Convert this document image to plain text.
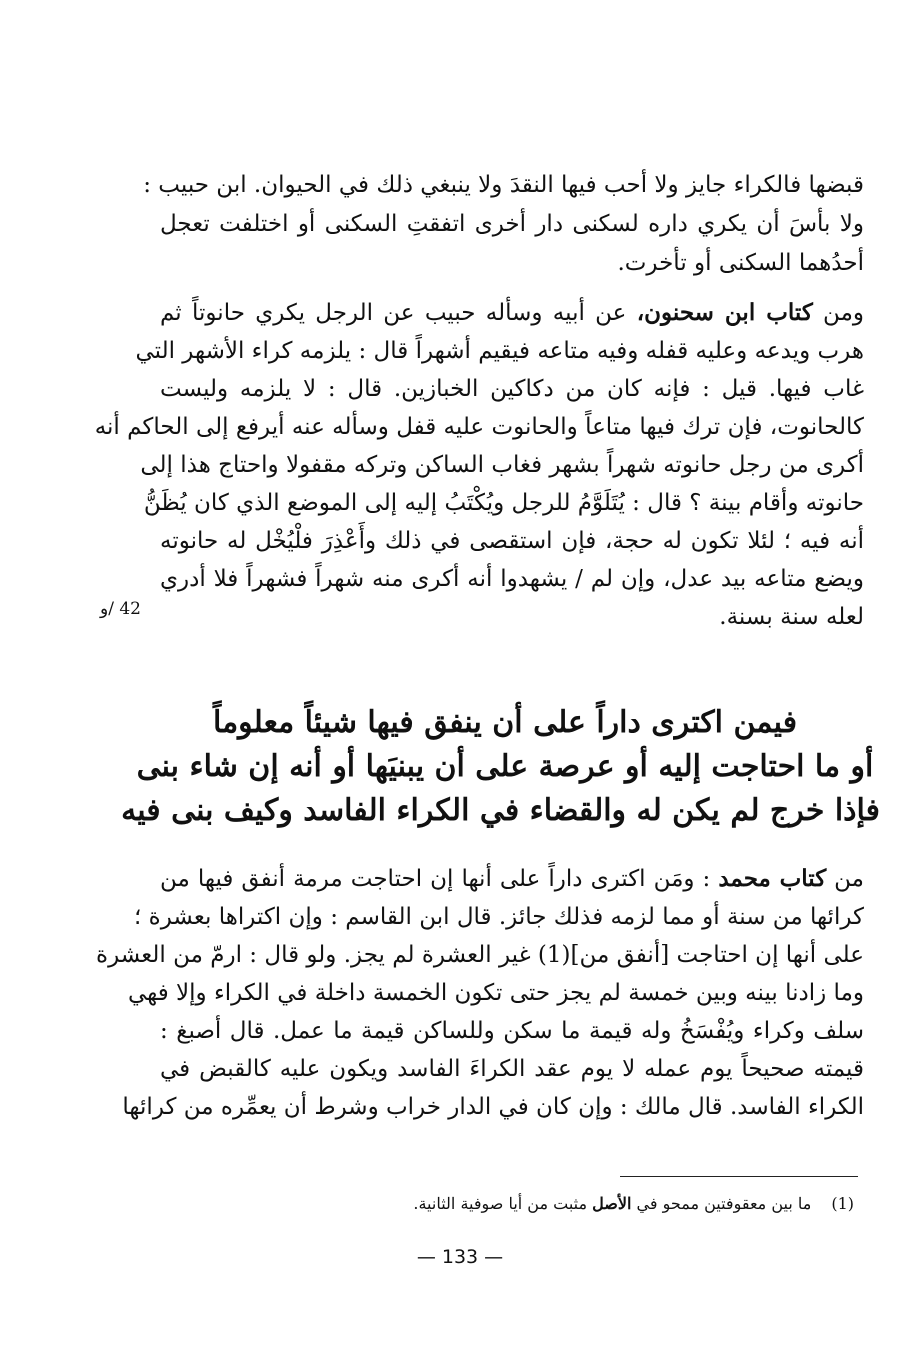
قبضها فالكراء جايز ولا أحب فيها النقدَ ولا ينبغي ذلك في الحيوان. ابن حبيب :
ولا بأسَ أن يكري داره لسكنى دار أخرى اتفقتِ السكنى أو اختلفت تعجل
أحدُهما السكنى أو تأخرت.
ومن كتاب ابن سحنون، عن أبيه وسأله حبيب عن الرجل يكري حانوتاً ثم
هرب ويدعه وعليه قفله وفيه متاعه فيقيم أشهراً قال : يلزمه كراء الأشهر التي
غاب فيها. قيل : فإنه كان من دكاكين الخبازين. قال : لا يلزمه وليست
كالحانوت، فإن ترك فيها متاعاً والحانوت عليه قفل وسأله عنه أيرفع إلى الحاكم أنه
أكرى من رجل حانوته شهراً بشهر فغاب الساكن وتركه مقفولا واحتاج هذا إلى
حانوته وأقام بينة ؟ قال : يُتَلَوَّمُ للرجل ويُكْتَبُ إليه إلى الموضع الذي كان يُظَنُّ
أنه فيه ؛ لئلا تكون له حجة، فإن استقصى في ذلك وأَعْذِرَ فلْيُخْل له حانوته
ويضع متاعه بيد عدل، وإن لم / يشهدوا أنه أكرى منه شهراً فشهراً فلا أدري
لعله سنة بسنة.
42 /و
فيمن اكترى داراً على أن ينفق فيها شيئاً معلوماً
أو ما احتاجت إليه أو عرصة على أن يبنيَها أو أنه إن شاء بنى
فإذا خرج لم يكن له والقضاء في الكراء الفاسد وكيف بنى فيه
من كتاب محمد : ومَن اكترى داراً على أنها إن احتاجت مرمة أنفق فيها من
كرائها من سنة أو مما لزمه فذلك جائز. قال ابن القاسم : وإن اكتراها بعشرة ؛
على أنها إن احتاجت [أنفق من](1) غير العشرة لم يجز. ولو قال : ارمّ من العشرة
وما زادنا بينه وبين خمسة لم يجز حتى تكون الخمسة داخلة في الكراء وإلا فهي
سلف وكراء ويُفْسَخُ وله قيمة ما سكن وللساكن قيمة ما عمل. قال أصبغ :
قيمته صحيحاً يوم عمله لا يوم عقد الكراءَ الفاسد ويكون عليه كالقبض في
الكراء الفاسد. قال مالك : وإن كان في الدار خراب وشرط أن يعمِّره من كرائها
(1)ما بين معقوفتين ممحو في الأصل مثبت من أيا صوفية الثانية.
— 133 —
